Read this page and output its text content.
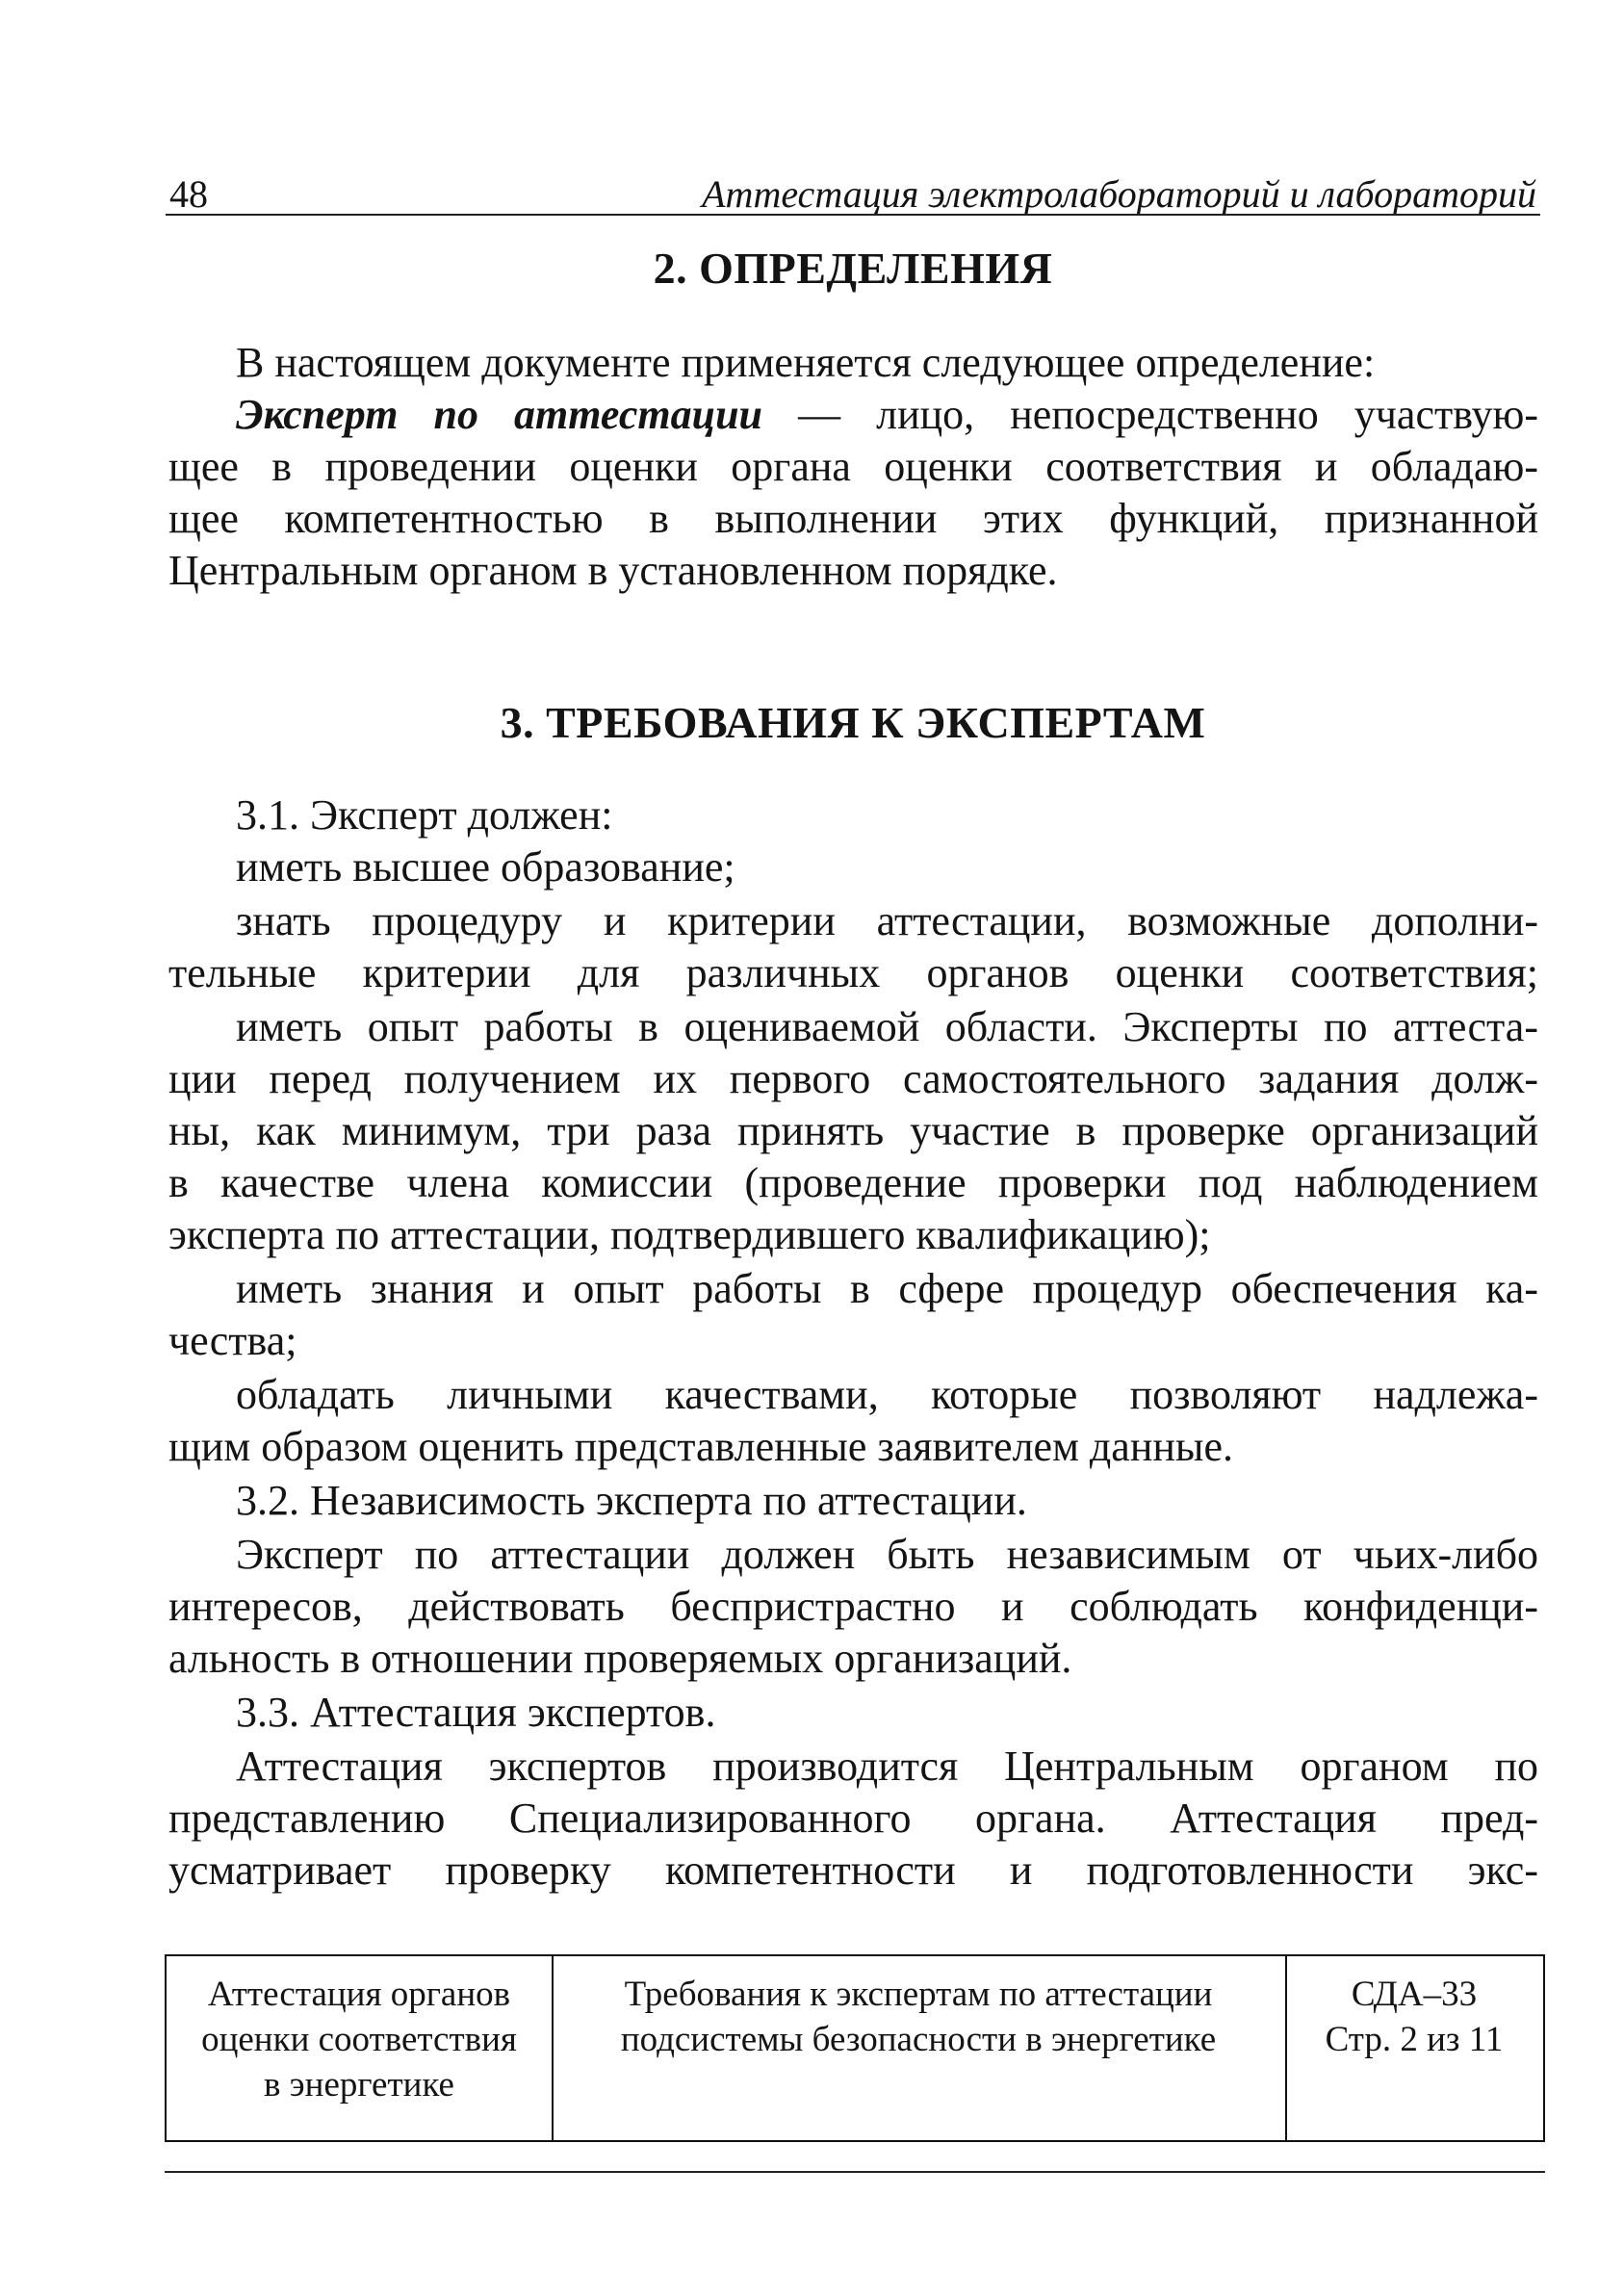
48	Аттестация электролабораторий и лабораторий
2. ОПРЕДЕЛЕНИЯ
В настоящем документе применяется следующее определение:
Эксперт по аттестации — лицо, непосредственно участвую-
щее в проведении оценки органа оценки соответствия и обладаю-
щее компетентностью в выполнении этих функций, признанной
Центральным органом в установленном порядке.
3. ТРЕБОВАНИЯ К ЭКСПЕРТАМ
3.1. Эксперт должен:
иметь высшее образование;
знать процедуру и критерии аттестации, возможные дополни-
тельные критерии для различных органов оценки соответствия;
иметь опыт работы в оцениваемой области. Эксперты по аттеста-
ции перед получением их первого самостоятельного задания долж-
ны, как минимум, три раза принять участие в проверке организаций
в качестве члена комиссии (проведение проверки под наблюдением
эксперта по аттестации, подтвердившего квалификацию);
иметь знания и опыт работы в сфере процедур обеспечения ка-
чества;
обладать личными качествами, которые позволяют надлежа-
щим образом оценить представленные заявителем данные.
3.2. Независимость эксперта по аттестации.
Эксперт по аттестации должен быть независимым от чьих-либо
интересов, действовать беспристрастно и соблюдать конфиденци-
альность в отношении проверяемых организаций.
3.3. Аттестация экспертов.
Аттестация экспертов производится Центральным органом по
представлению Специализированного органа. Аттестация пред-
усматривает проверку компетентности и подготовленности экс-
Аттестация органов
оценки соответствия
в энергетике
Требования к экспертам по аттестации
подсистемы безопасности в энергетике
СДА–33
Стр. 2 из 11
